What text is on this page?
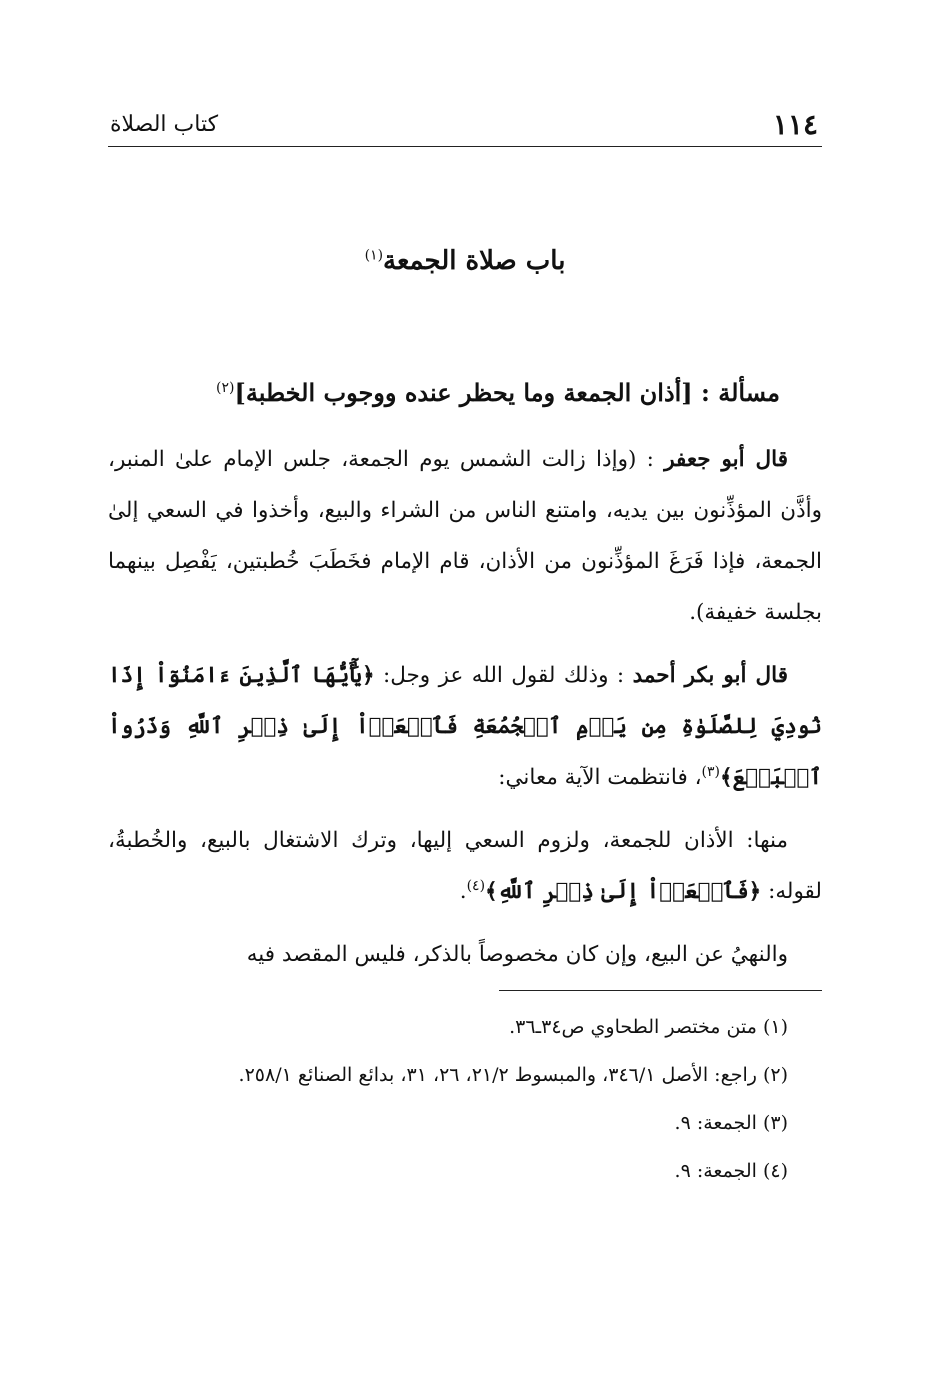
١١٤
كتاب الصلاة
باب صلاة الجمعة$^{(١)}$
مسألة : [أذان الجمعة وما يحظر عنده ووجوب الخطبة]$^{(٢)}$

قال أبو جعفر : (وإذا زالت الشمس يوم الجمعة، جلس الإمام علىٰ المنبر، وأذَّن المؤذِّنون بين يديه، وامتنع الناس من الشراء والبيع، وأخذوا في السعي إلىٰ الجمعة، فإذا فَرَغَ المؤذِّنون من الأذان، قام الإمام فخَطَبَ خُطبتين، يَفْصِل بينهما بجلسة خفيفة).

قال أبو بكر أحمد : وذلك لقول الله عز وجل: ﴿يَٰٓأَيُّهَا ٱلَّذِينَ ءَامَنُوٓاْ إِذَا نُودِيَ لِلصَّلَوٰةِ مِن يَوۡمِ ٱلۡجُمُعَةِ فَٱسۡعَوۡاْ إِلَىٰ ذِكۡرِ ٱللَّهِ وَذَرُواْ ٱلۡبَيۡعَ﴾$^{(٣)}$، فانتظمت الآية معاني:

منها: الأذان للجمعة، ولزوم السعي إليها، وترك الاشتغال بالبيع، والخُطبةُ، لقوله: ﴿فَٱسۡعَوۡاْ إِلَىٰ ذِكۡرِ ٱللَّهِ﴾$^{(٤)}$.

والنهيُ عن البيع، وإن كان مخصوصاً بالذكر، فليس المقصد فيه

(١) متن مختصر الطحاوي ص٣٤ـ٣٦.

(٢) راجع: الأصل ٣٤٦/١، والمبسوط ٢١/٢، ٢٦، ٣١، بدائع الصنائع ٢٥٨/١.

(٣) الجمعة: ٩.

(٤) الجمعة: ٩.
